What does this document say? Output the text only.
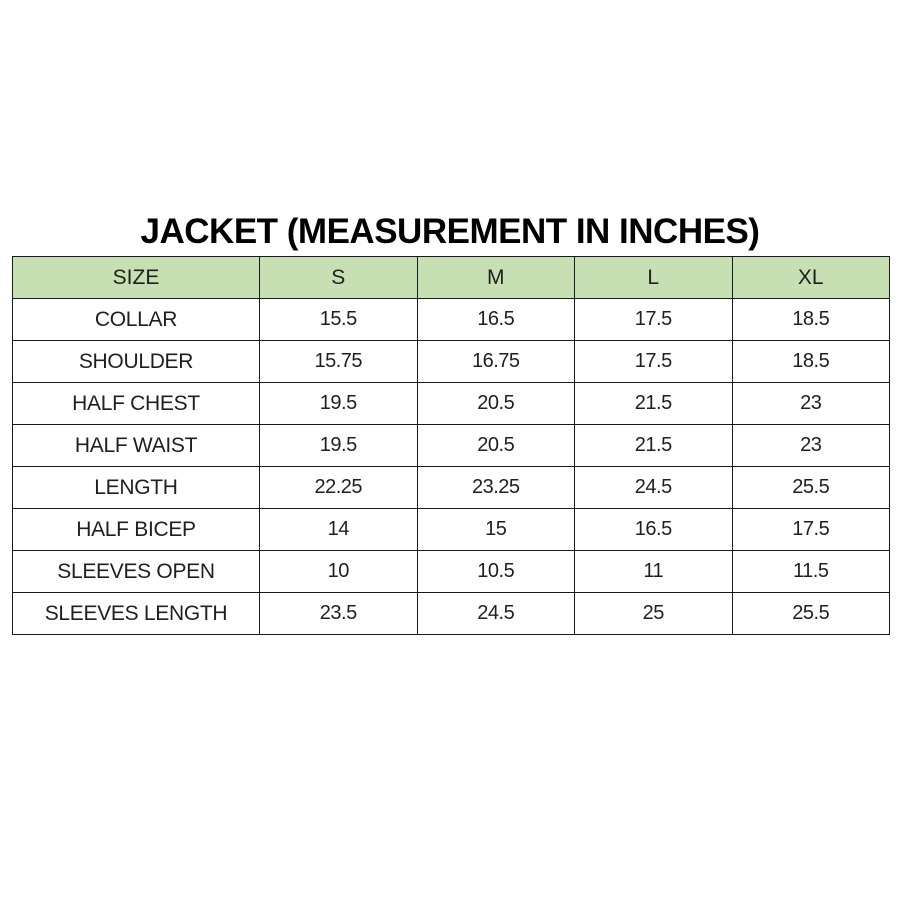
JACKET (MEASUREMENT IN INCHES)
SIZE	S	M	L	XL
COLLAR	15.5	16.5	17.5	18.5
SHOULDER	15.75	16.75	17.5	18.5
HALF CHEST	19.5	20.5	21.5	23
HALF WAIST	19.5	20.5	21.5	23
LENGTH	22.25	23.25	24.5	25.5
HALF BICEP	14	15	16.5	17.5
SLEEVES OPEN	10	10.5	11	11.5
SLEEVES LENGTH	23.5	24.5	25	25.5
